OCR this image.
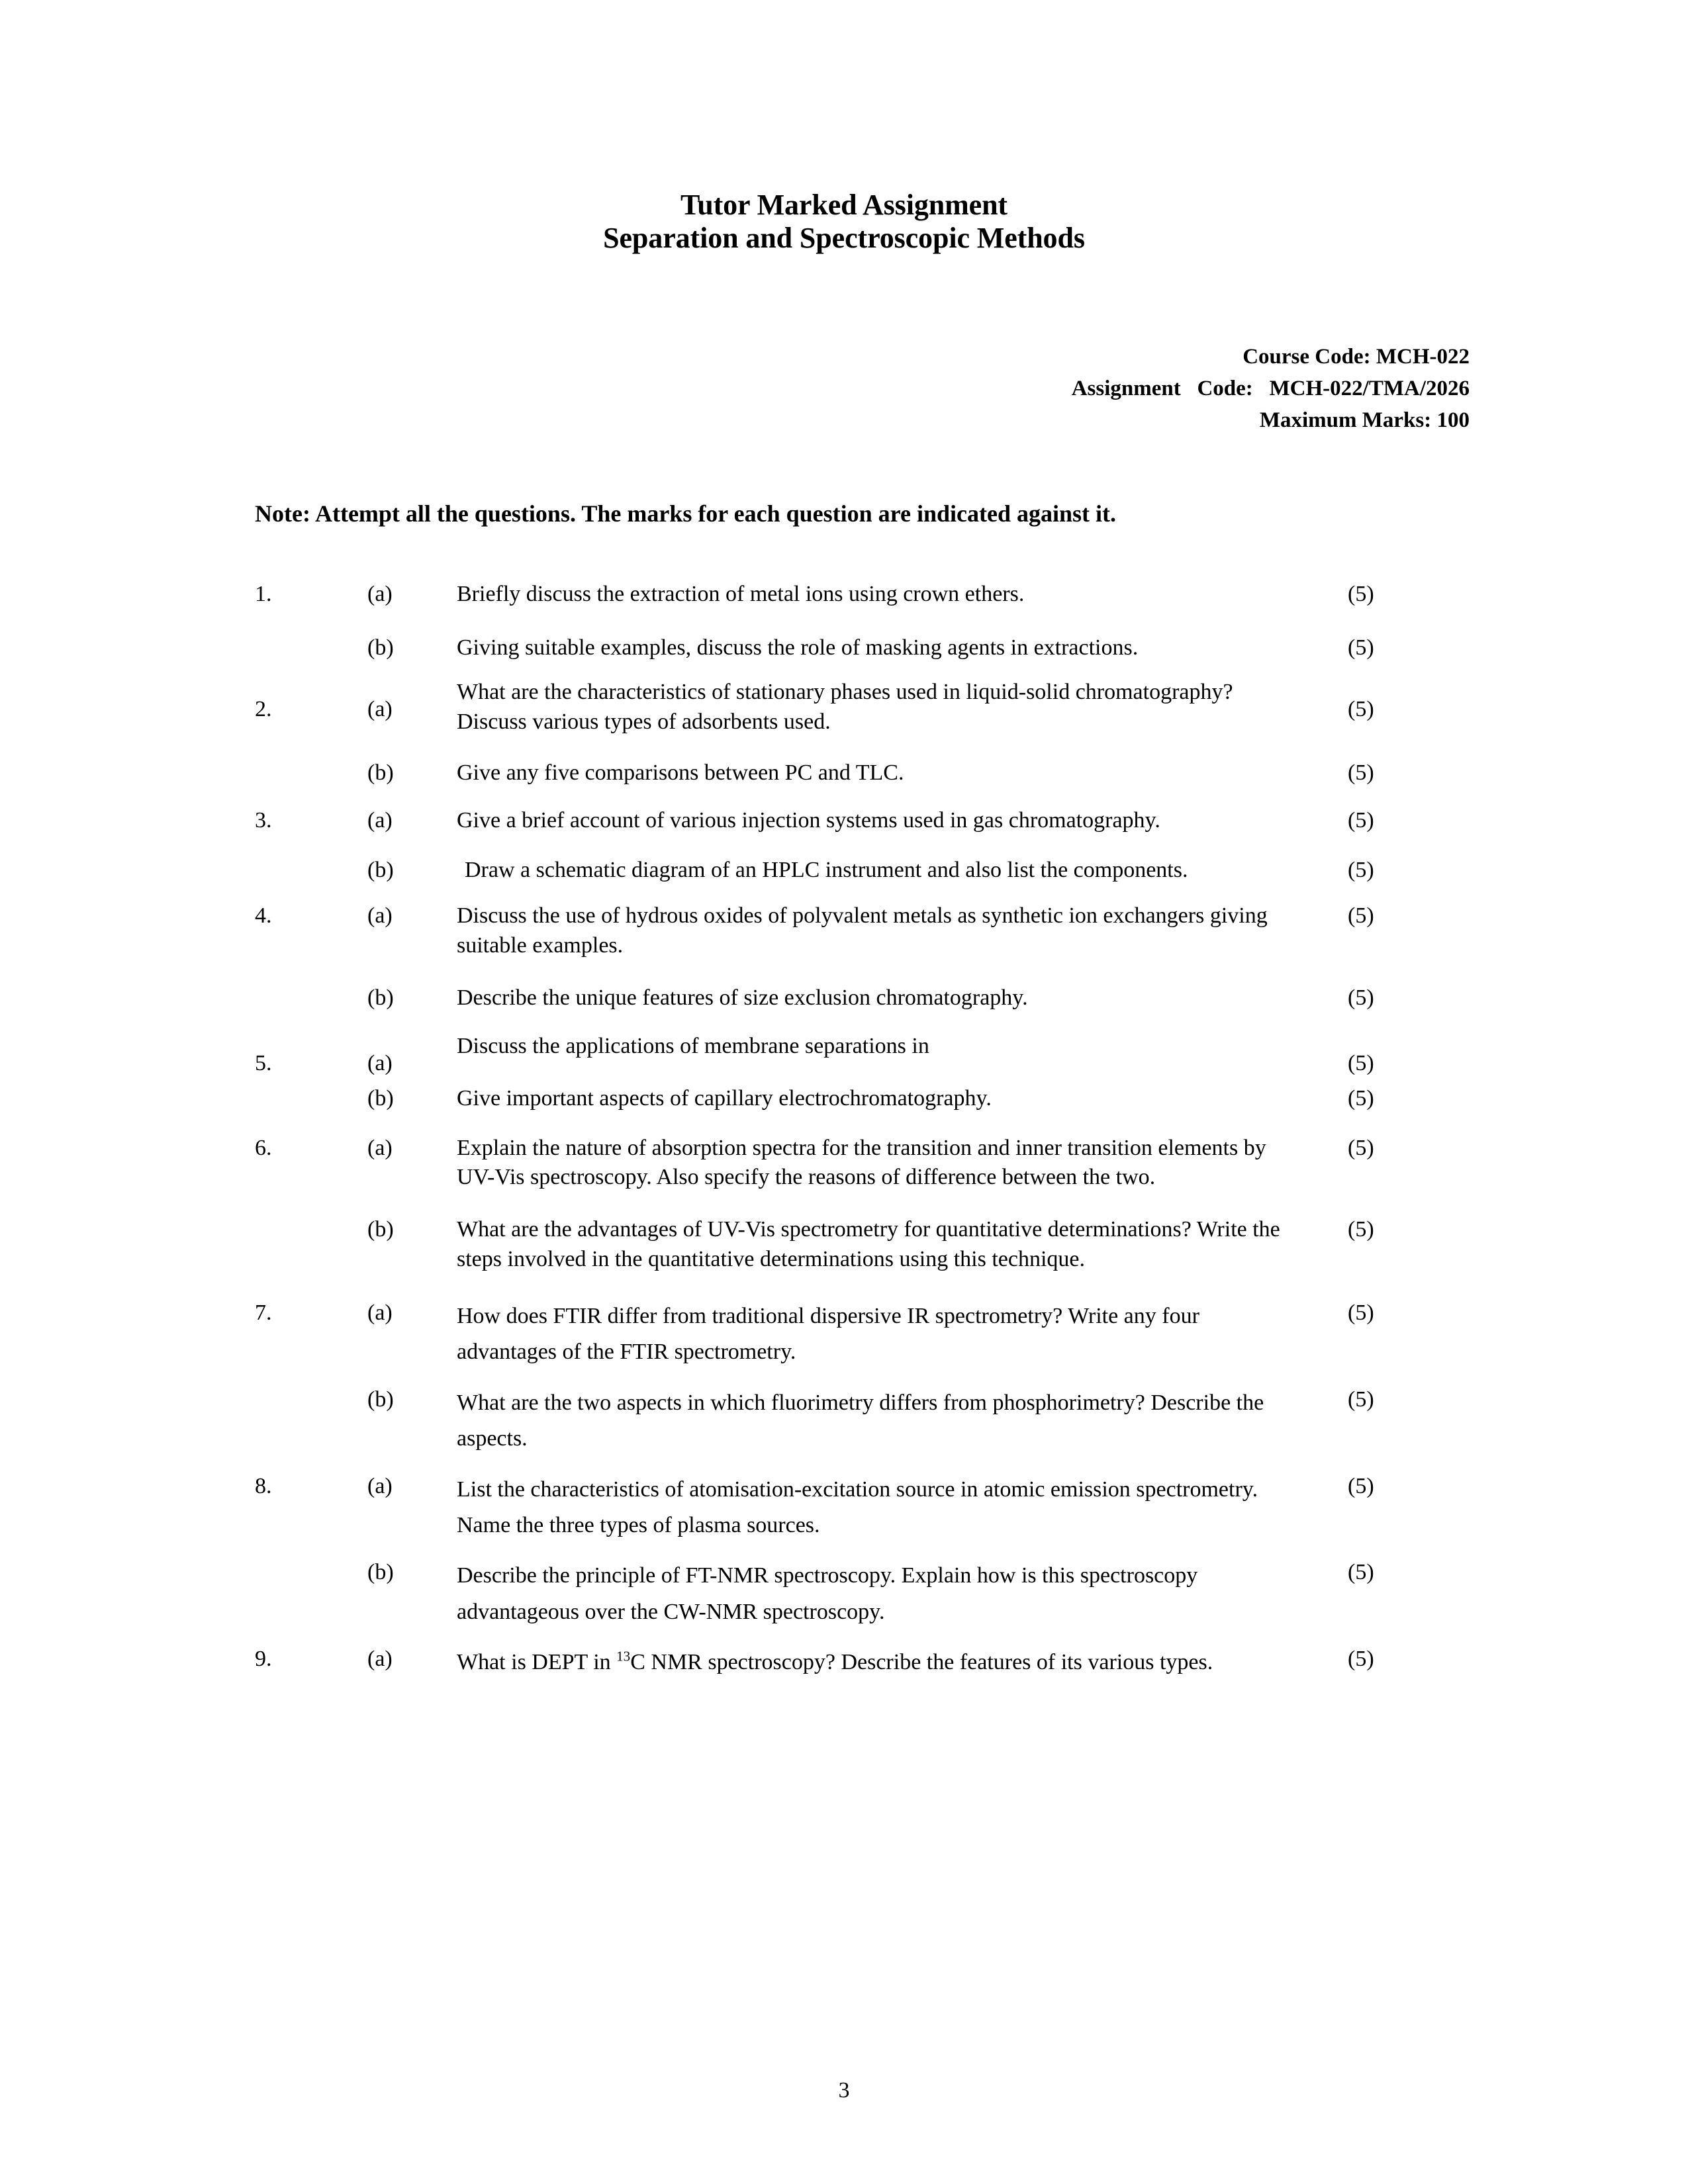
Tutor Marked Assignment
Separation and Spectroscopic Methods
Course Code: MCH-022
Assignment   Code:   MCH-022/TMA/2026
Maximum Marks: 100
Note: Attempt all the questions. The marks for each question are indicated against it.
1.	(a)	Briefly discuss the extraction of metal ions using crown ethers.	(5)
(b)	Giving suitable examples, discuss the role of masking agents in extractions.	(5)
2.	(a)
What are the characteristics of stationary phases used in liquid-solid chromatography? Discuss various types of adsorbents used.
(5)
(b)	Give any five comparisons between PC and TLC.	(5)
3.	(a)	Give a brief account of various injection systems used in gas chromatography.	(5)
(b)	Draw a schematic diagram of an HPLC instrument and also list the components.	(5)
4.	(a)	Discuss the use of hydrous oxides of polyvalent metals as synthetic ion exchangers giving suitable examples.
(5)
(b)	Describe the unique features of size exclusion chromatography.	(5)
5.	(a)
Discuss the applications of membrane separations in
(5)
(b)	Give important aspects of capillary electrochromatography.	(5)
6.	(a)	Explain the nature of absorption spectra for the transition and inner transition elements by UV-Vis spectroscopy. Also specify the reasons of difference between the two.
(5)
(b)	What are the advantages of UV-Vis spectrometry for quantitative determinations? Write the steps involved in the quantitative determinations using this technique.
(5)
7.	(a)	How does FTIR differ from traditional dispersive IR spectrometry? Write any four advantages of the FTIR spectrometry.
(5)
(b)	What are the two aspects in which fluorimetry differs from phosphorimetry? Describe the aspects.
(5)
8.	(a)	List the characteristics of atomisation-excitation source in atomic emission spectrometry. Name the three types of plasma sources.
(5)
(b)	Describe the principle of FT-NMR spectroscopy. Explain how is this spectroscopy advantageous over the CW-NMR spectroscopy.
(5)
9.	(a)	What is DEPT in $^{13}$C NMR spectroscopy? Describe the features of its various types.	(5)
3
